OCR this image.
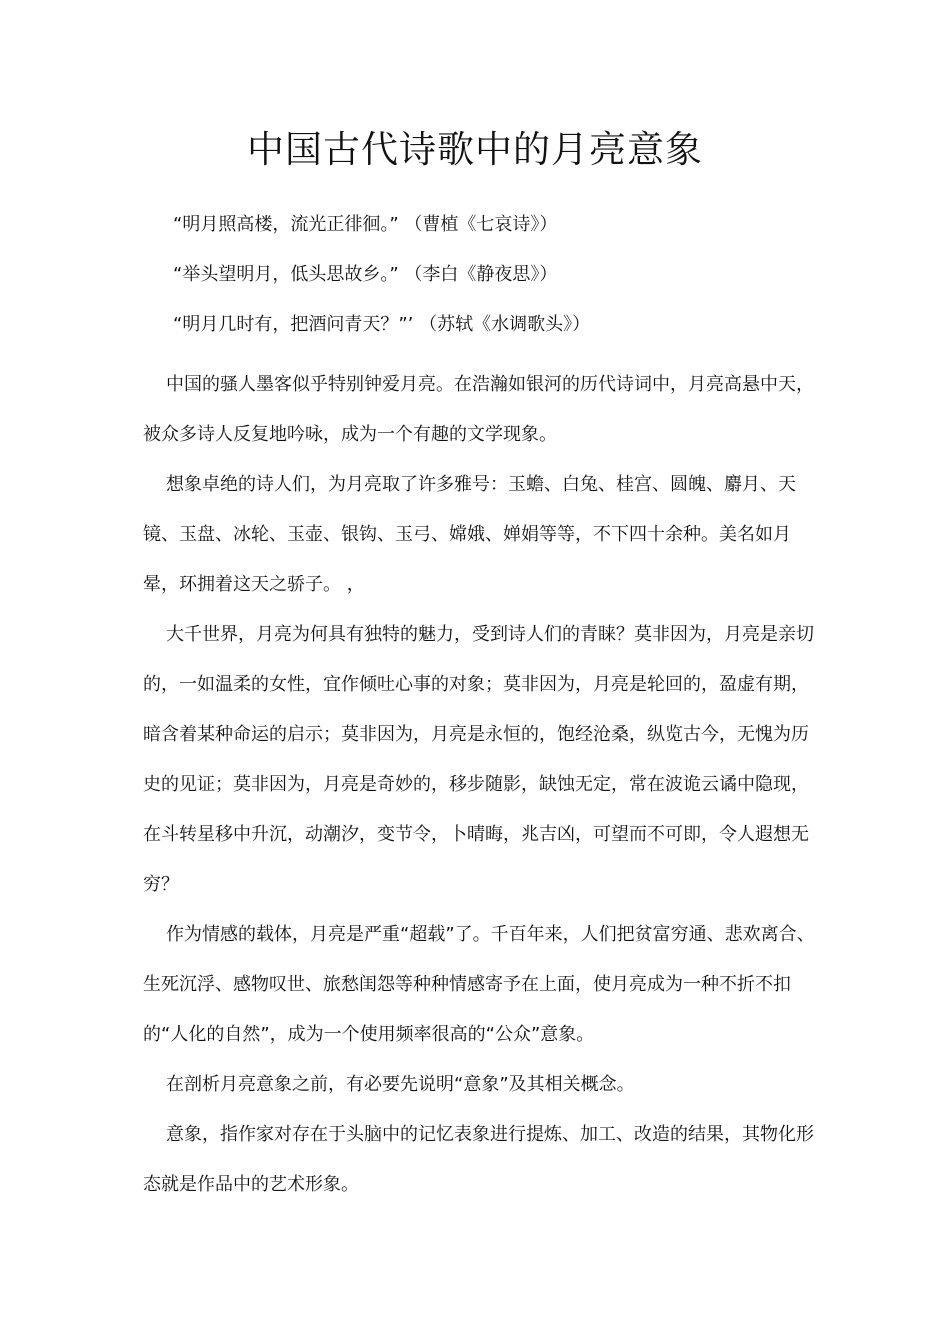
中国古代诗歌中的月亮意象
“明月照高楼，流光正徘徊。” （曹植《七哀诗》）
“举头望明月，低头思故乡。” （李白《静夜思》）
“明月几时有，把酒问青天？”’ （苏轼《水调歌头》）

中国的骚人墨客似乎特别钟爱月亮。在浩瀚如银河的历代诗词中，月亮高悬中天，被众多诗人反复地吟咏，成为一个有趣的文学现象。

想象卓绝的诗人们，为月亮取了许多雅号：玉蟾、白兔、桂宫、圆魄、麝月、天镜、玉盘、冰轮、玉壶、银钩、玉弓、嫦娥、婵娟等等，不下四十余种。美名如月晕，环拥着这天之骄子。 ，

大千世界，月亮为何具有独特的魅力，受到诗人们的青睐？莫非因为，月亮是亲切的，一如温柔的女性，宜作倾吐心事的对象；莫非因为，月亮是轮回的，盈虚有期，暗含着某种命运的启示；莫非因为，月亮是永恒的，饱经沧桑，纵览古今，无愧为历史的见证；莫非因为，月亮是奇妙的，移步随影，缺蚀无定，常在波诡云谲中隐现，在斗转星移中升沉，动潮汐，变节令，卜晴晦，兆吉凶，可望而不可即，令人遐想无穷？

作为情感的载体，月亮是严重“超载”了。千百年来，人们把贫富穷通、悲欢离合、生死沉浮、感物叹世、旅愁闺怨等种种情感寄予在上面，使月亮成为一种不折不扣的“人化的自然”，成为一个使用频率很高的“公众”意象。

在剖析月亮意象之前，有必要先说明“意象”及其相关概念。

意象，指作家对存在于头脑中的记忆表象进行提炼、加工、改造的结果，其物化形态就是作品中的艺术形象。
